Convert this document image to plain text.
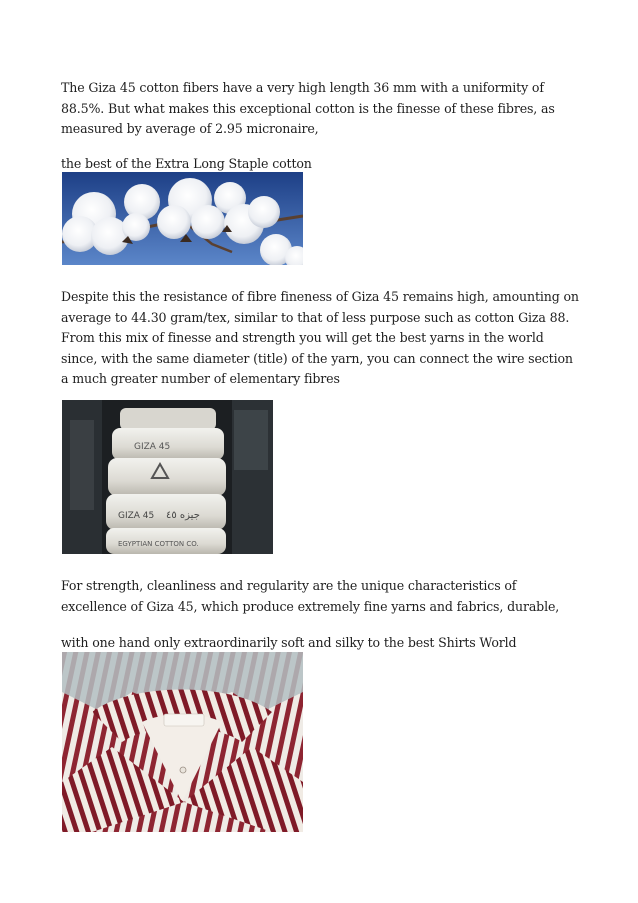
The Giza 45 cotton fibers have a very high length 36 mm with a uniformity of 88.5%. But what makes this exceptional cotton is the finesse of these fibres, as measured by average of 2.95 micronaire,

the best of the Extra Long Staple cotton

Despite this the resistance of fibre fineness of Giza 45 remains high, amounting on average to 44.30 gram/tex, similar to that of less purpose such as cotton Giza 88. From this mix of finesse and strength you will get the best yarns in the world since, with the same diameter (title) of the yarn, you can connect the wire section a much greater number of elementary fibres

GIZA 45
GIZA 45 جيزه ٤٥
EGYPTIAN COTTON CO.

For strength, cleanliness and regularity are the unique characteristics of excellence of Giza 45, which produce extremely fine yarns and fabrics, durable,

with one hand only extraordinarily soft and silky to the best Shirts World
